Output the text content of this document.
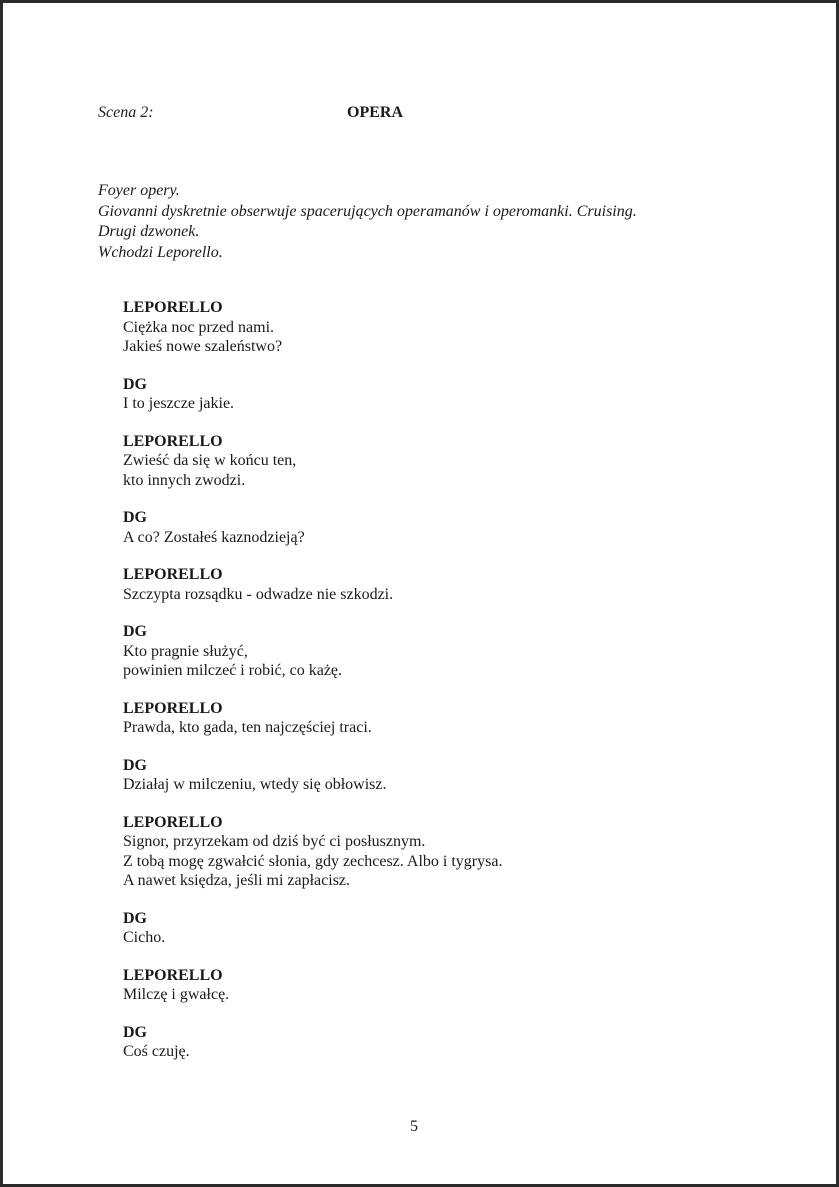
Scena 2:	OPERA
Foyer opery.
Giovanni dyskretnie obserwuje spacerujących operamanów i operomanki. Cruising.
Drugi dzwonek.
Wchodzi Leporello.
LEPORELLO
Ciężka noc przed nami.
Jakieś nowe szaleństwo?
DG
I to jeszcze jakie.
LEPORELLO
Zwieść da się w końcu ten,
kto innych zwodzi.
DG
A co? Zostałeś kaznodzieją?
LEPORELLO
Szczypta rozsądku - odwadze nie szkodzi.
DG
Kto pragnie służyć,
powinien milczeć i robić, co każę.
LEPORELLO
Prawda, kto gada, ten najczęściej traci.
DG
Działaj w milczeniu, wtedy się obłowisz.
LEPORELLO
Signor, przyrzekam od dziś być ci posłusznym.
Z tobą mogę zgwałcić słonia, gdy zechcesz. Albo i tygrysa.
A nawet księdza, jeśli mi zapłacisz.
DG
Cicho.
LEPORELLO
Milczę i gwałcę.
DG
Coś czuję.
5
